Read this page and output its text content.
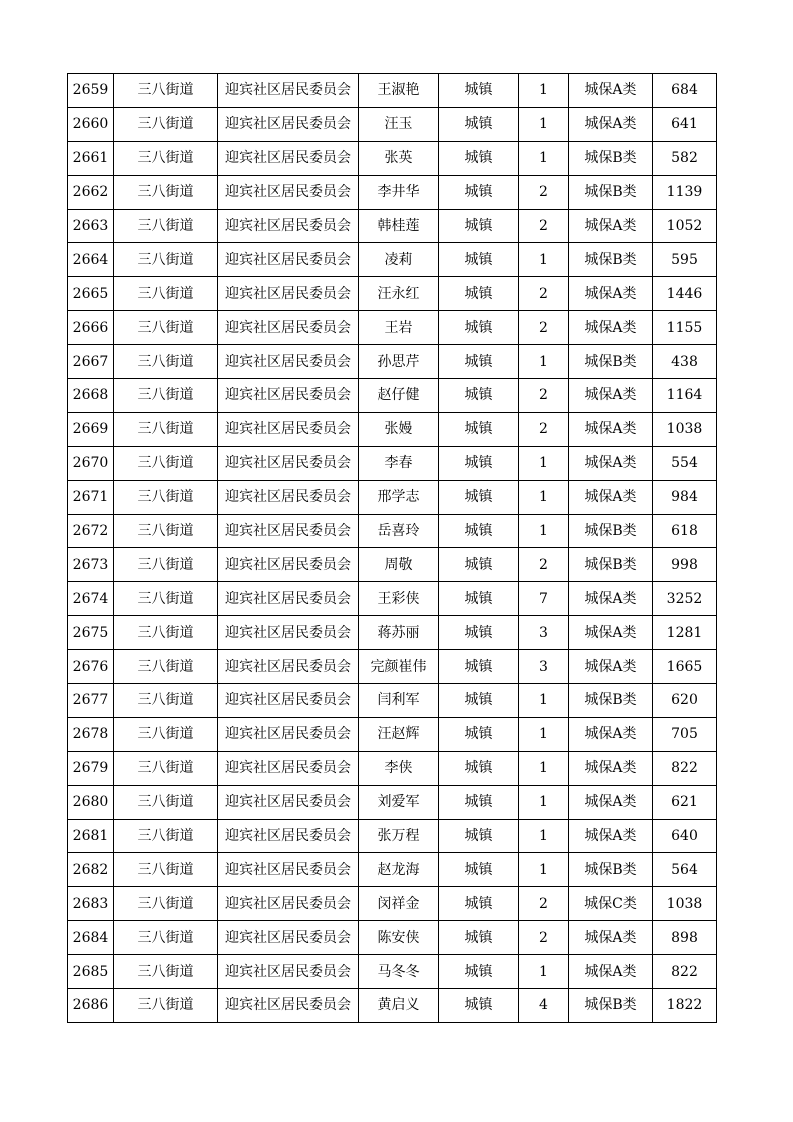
2659	三八街道	迎宾社区居民委员会	王淑艳	城镇	1	城保A类	684
2660	三八街道	迎宾社区居民委员会	汪玉	城镇	1	城保A类	641
2661	三八街道	迎宾社区居民委员会	张英	城镇	1	城保B类	582
2662	三八街道	迎宾社区居民委员会	李井华	城镇	2	城保B类	1139
2663	三八街道	迎宾社区居民委员会	韩桂莲	城镇	2	城保A类	1052
2664	三八街道	迎宾社区居民委员会	凌莉	城镇	1	城保B类	595
2665	三八街道	迎宾社区居民委员会	汪永红	城镇	2	城保A类	1446
2666	三八街道	迎宾社区居民委员会	王岩	城镇	2	城保A类	1155
2667	三八街道	迎宾社区居民委员会	孙思芹	城镇	1	城保B类	438
2668	三八街道	迎宾社区居民委员会	赵仔健	城镇	2	城保A类	1164
2669	三八街道	迎宾社区居民委员会	张嫚	城镇	2	城保A类	1038
2670	三八街道	迎宾社区居民委员会	李春	城镇	1	城保A类	554
2671	三八街道	迎宾社区居民委员会	邢学志	城镇	1	城保A类	984
2672	三八街道	迎宾社区居民委员会	岳喜玲	城镇	1	城保B类	618
2673	三八街道	迎宾社区居民委员会	周敬	城镇	2	城保B类	998
2674	三八街道	迎宾社区居民委员会	王彩侠	城镇	7	城保A类	3252
2675	三八街道	迎宾社区居民委员会	蒋苏丽	城镇	3	城保A类	1281
2676	三八街道	迎宾社区居民委员会	完颜崔伟	城镇	3	城保A类	1665
2677	三八街道	迎宾社区居民委员会	闫利军	城镇	1	城保B类	620
2678	三八街道	迎宾社区居民委员会	汪赵辉	城镇	1	城保A类	705
2679	三八街道	迎宾社区居民委员会	李侠	城镇	1	城保A类	822
2680	三八街道	迎宾社区居民委员会	刘爱军	城镇	1	城保A类	621
2681	三八街道	迎宾社区居民委员会	张万程	城镇	1	城保A类	640
2682	三八街道	迎宾社区居民委员会	赵龙海	城镇	1	城保B类	564
2683	三八街道	迎宾社区居民委员会	闵祥金	城镇	2	城保C类	1038
2684	三八街道	迎宾社区居民委员会	陈安侠	城镇	2	城保A类	898
2685	三八街道	迎宾社区居民委员会	马冬冬	城镇	1	城保A类	822
2686	三八街道	迎宾社区居民委员会	黄启义	城镇	4	城保B类	1822
